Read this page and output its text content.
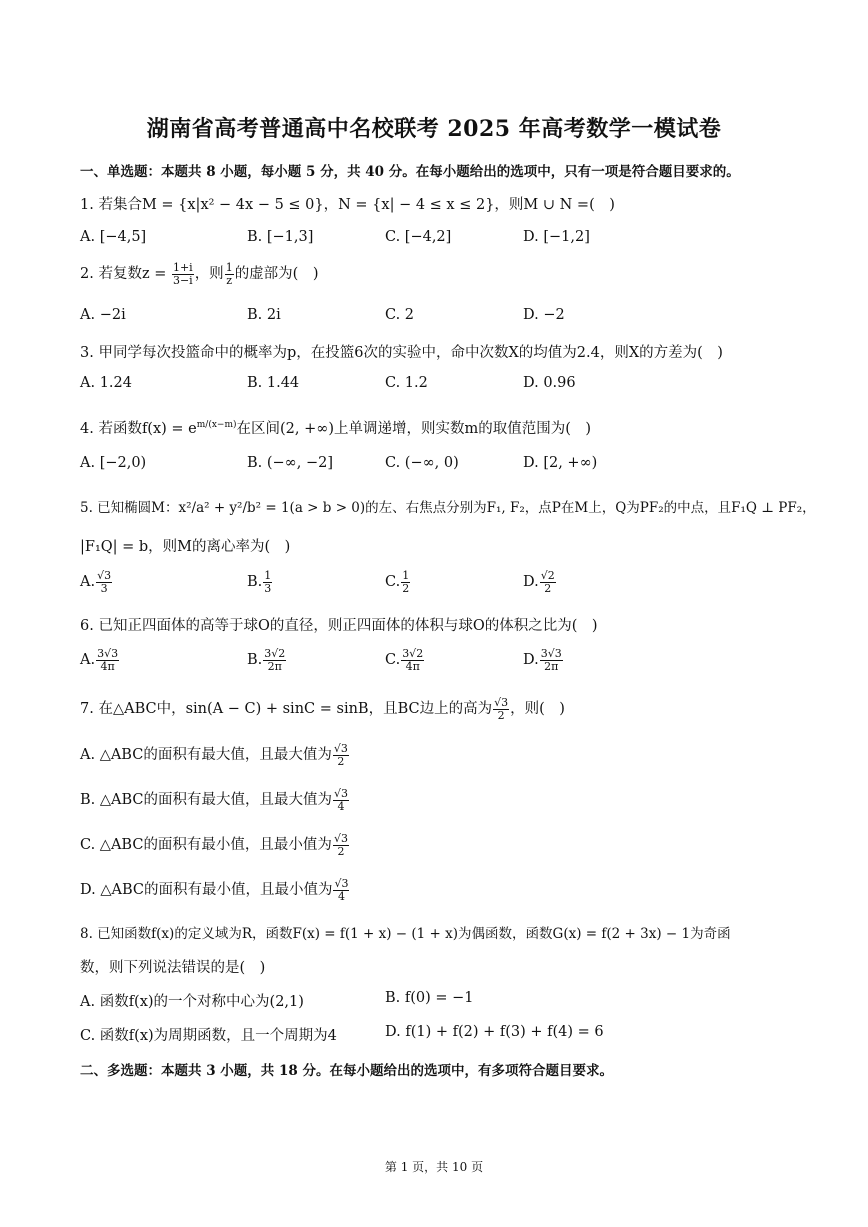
湖南省高考普通高中名校联考 2025 年高考数学一模试卷
一、单选题：本题共 8 小题，每小题 5 分，共 40 分。在每小题给出的选项中，只有一项是符合题目要求的。
1. 若集合M = {x|x² − 4x − 5 ≤ 0}，N = {x| − 4 ≤ x ≤ 2}，则M ∪ N =(　)
A. [−4,5]	B. [−1,3]	C. [−4,2]	D. [−1,2]
2. 若复数$z = \frac{1+i}{3-i}$ ，则 $\frac{1}{z}$ 的虚部为(　)
A. −2i	B. 2i	C. 2	D. −2
3. 甲同学每次投篮命中的概率为p，在投篮6次的实验中，命中次数X的均值为2.4，则X的方差为(　)
A. 1.24	B. 1.44	C. 1.2	D. 0.96
4. 若函数$f(x) = e^{m/(x-m)}$在区间(2, +∞)上单调递增，则实数m的取值范围为(　)
A. [−2,0)	B. (−∞, −2]	C. (−∞, 0)	D. [2, +∞)
5. 已知椭圆M：x²/a² + y²/b² = 1(a > b > 0)的左、右焦点分别为F₁, F₂，点P在M上，Q为PF₂的中点，且F₁Q ⊥ PF₂，
|F₁Q| = b，则M的离心率为(　)
A. $\frac{√3}{3}$	B. $\frac{1}{3}$	C. $\frac{1}{2}$	D. $\frac{√2}{2}$
6. 已知正四面体的高等于球O的直径，则正四面体的体积与球O的体积之比为(　)
A. $\frac{3√3}{4\pi}$	B. $\frac{3√2}{2\pi}$	C. $\frac{3√2}{4\pi}$	D. $\frac{3√3}{2\pi}$
7. 在△ABC中，sin(A − C) + sinC = sinB，且BC边上的高为 $\frac{√3}{2}$ ，则(　)
A. △ABC的面积有最大值，且最大值为 $\frac{√3}{2}$
B. △ABC的面积有最大值，且最大值为 $\frac{√3}{4}$
C. △ABC的面积有最小值，且最小值为 $\frac{√3}{2}$
D. △ABC的面积有最小值，且最小值为 $\frac{√3}{4}$
8. 已知函数f(x)的定义域为R，函数F(x) = f(1 + x) − (1 + x)为偶函数，函数G(x) = f(2 + 3x) − 1为奇函
数，则下列说法错误的是(　)
A. 函数f(x)的一个对称中心为(2,1)	B. f(0) = −1
C. 函数f(x)为周期函数，且一个周期为4	D. f(1) + f(2) + f(3) + f(4) = 6
二、多选题：本题共 3 小题，共 18 分。在每小题给出的选项中，有多项符合题目要求。
第 1 页，共 10 页
